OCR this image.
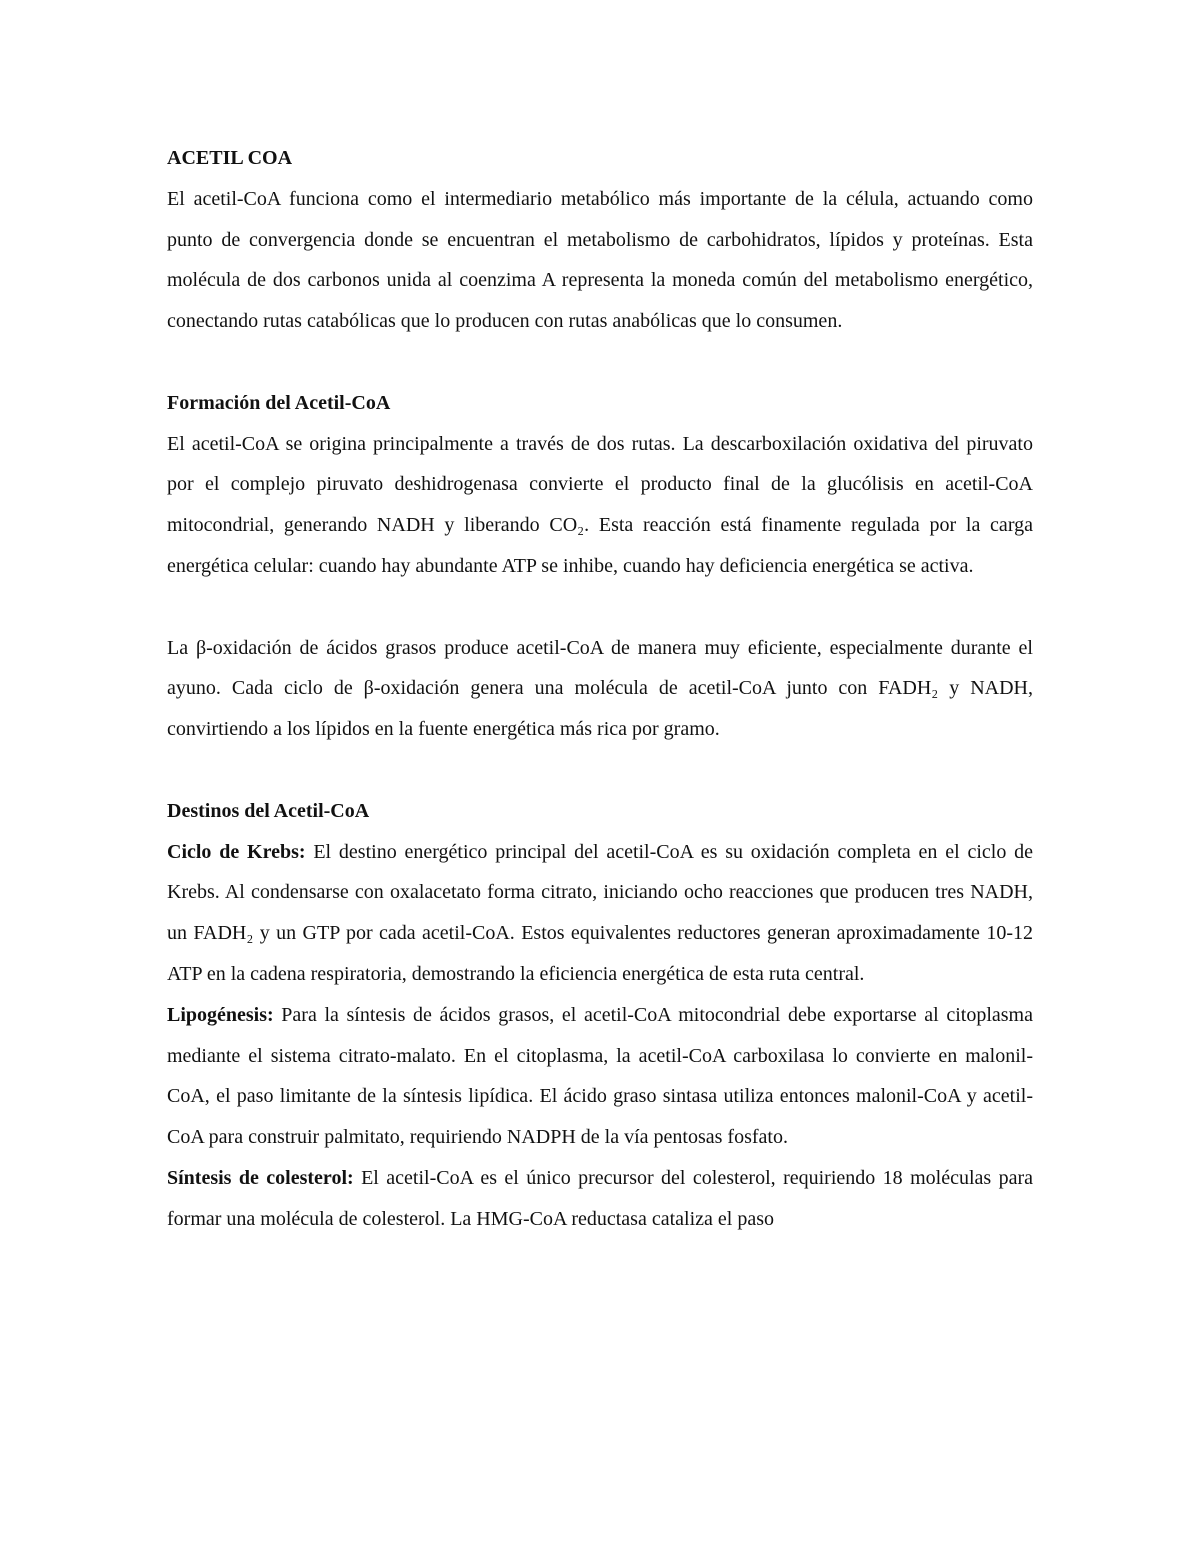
ACETIL COA

El acetil-CoA funciona como el intermediario metabólico más importante de la célula, actuando como punto de convergencia donde se encuentran el metabolismo de carbohidratos, lípidos y proteínas. Esta molécula de dos carbonos unida al coenzima A representa la moneda común del metabolismo energético, conectando rutas catabólicas que lo producen con rutas anabólicas que lo consumen.

Formación del Acetil-CoA

El acetil-CoA se origina principalmente a través de dos rutas. La descarboxilación oxidativa del piruvato por el complejo piruvato deshidrogenasa convierte el producto final de la glucólisis en acetil-CoA mitocondrial, generando NADH y liberando CO₂. Esta reacción está finamente regulada por la carga energética celular: cuando hay abundante ATP se inhibe, cuando hay deficiencia energética se activa.

La β-oxidación de ácidos grasos produce acetil-CoA de manera muy eficiente, especialmente durante el ayuno. Cada ciclo de β-oxidación genera una molécula de acetil-CoA junto con FADH₂ y NADH, convirtiendo a los lípidos en la fuente energética más rica por gramo.

Destinos del Acetil-CoA

Ciclo de Krebs: El destino energético principal del acetil-CoA es su oxidación completa en el ciclo de Krebs. Al condensarse con oxalacetato forma citrato, iniciando ocho reacciones que producen tres NADH, un FADH₂ y un GTP por cada acetil-CoA. Estos equivalentes reductores generan aproximadamente 10-12 ATP en la cadena respiratoria, demostrando la eficiencia energética de esta ruta central.

Lipogénesis: Para la síntesis de ácidos grasos, el acetil-CoA mitocondrial debe exportarse al citoplasma mediante el sistema citrato-malato. En el citoplasma, la acetil-CoA carboxilasa lo convierte en malonil-CoA, el paso limitante de la síntesis lipídica. El ácido graso sintasa utiliza entonces malonil-CoA y acetil-CoA para construir palmitato, requiriendo NADPH de la vía pentosas fosfato.

Síntesis de colesterol: El acetil-CoA es el único precursor del colesterol, requiriendo 18 moléculas para formar una molécula de colesterol. La HMG-CoA reductasa cataliza el paso
